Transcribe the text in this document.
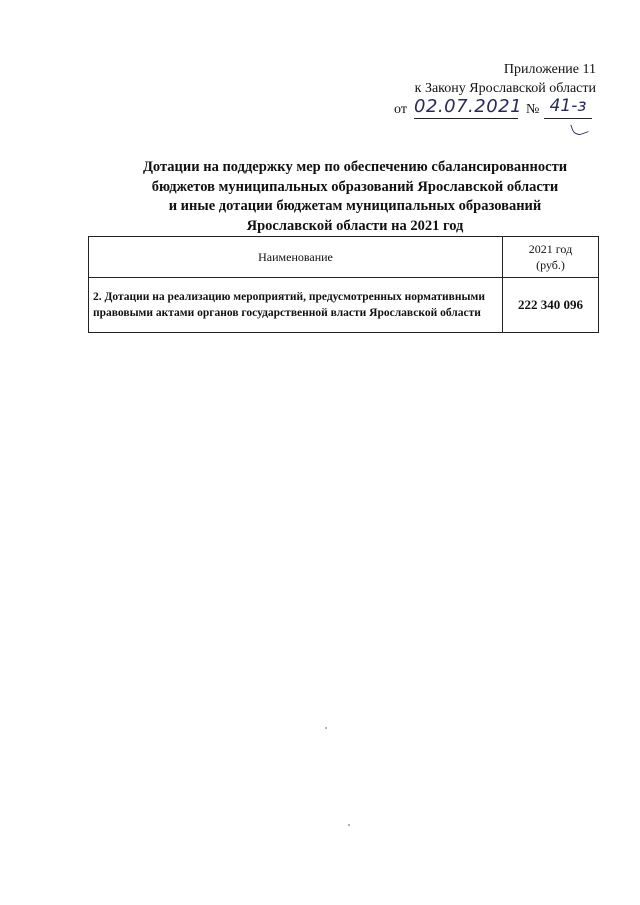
Приложение 11
к Закону Ярославской области
от 02.07.2021 № 41-з
Дотации на поддержку мер по обеспечению сбалансированности
бюджетов муниципальных образований Ярославской области
и иные дотации бюджетам муниципальных образований
Ярославской области на 2021 год
Наименование	2021 год
(руб.)

2. Дотации на реализацию мероприятий, предусмотренных нормативными правовыми актами органов государственной власти Ярославской области	222 340 096
